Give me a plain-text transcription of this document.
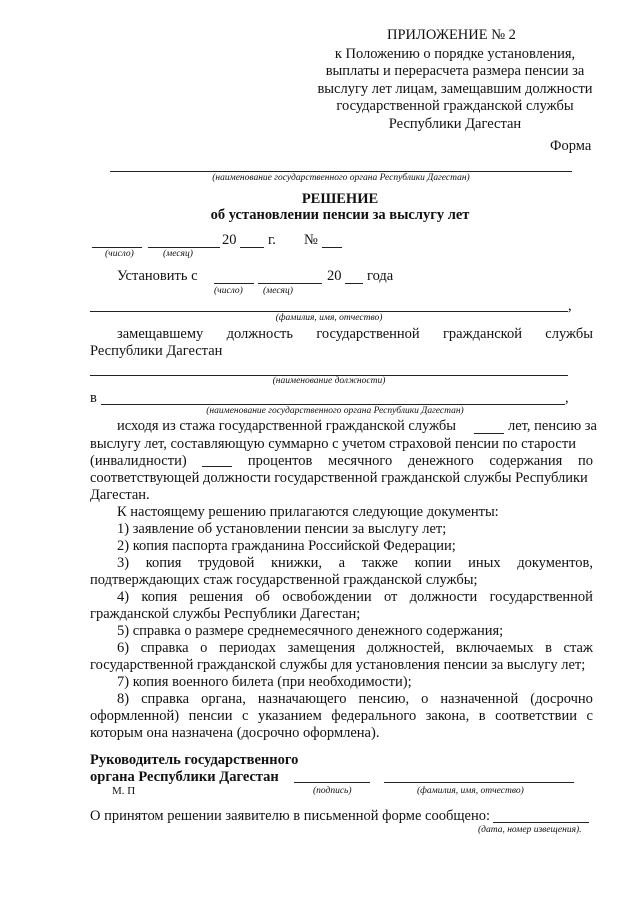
ПРИЛОЖЕНИЕ № 2
к Положению о порядке установления,
выплаты и перерасчета размера пенсии за
выслугу лет лицам, замещавшим должности
государственной гражданской службы
Республики Дагестан
Форма
(наименование государственного органа Республики Дагестан)
РЕШЕНИЕ
об установлении пенсии за выслугу лет
20 г. №
(число)	(месяц)
Установить с	20 года
(число) (месяц)
,
(фамилия, имя, отчество)
замещавшему должность государственной гражданской службы
Республики Дагестан
(наименование должности)
в	,
(наименование государственного органа Республики Дагестан)
исходя из стажа государственной гражданской службы	лет, пенсию за
выслугу лет, составляющую суммарно с учетом страховой пенсии по старости
(инвалидности)	процентов месячного денежного содержания по
соответствующей должности государственной гражданской службы Республики
Дагестан.
К настоящему решению прилагаются следующие документы:
1) заявление об установлении пенсии за выслугу лет;
2) копия паспорта гражданина Российской Федерации;
3) копия трудовой книжки, а также копии иных документов,
подтверждающих стаж государственной гражданской службы;
4) копия решения об освобождении от должности государственной
гражданской службы Республики Дагестан;
5) справка о размере среднемесячного денежного содержания;
6) справка о периодах замещения должностей, включаемых в стаж
государственной гражданской службы для установления пенсии за выслугу лет;
7) копия военного билета (при необходимости);
8) справка органа, назначающего пенсию, о назначенной (досрочно
оформленной) пенсии с указанием федерального закона, в соответствии с
которым она назначена (досрочно оформлена).
Руководитель государственного
органа Республики Дагестан
М. П	(подпись)	(фамилия, имя, отчество)
О принятом решении заявителю в письменной форме сообщено:
(дата, номер извещения).
